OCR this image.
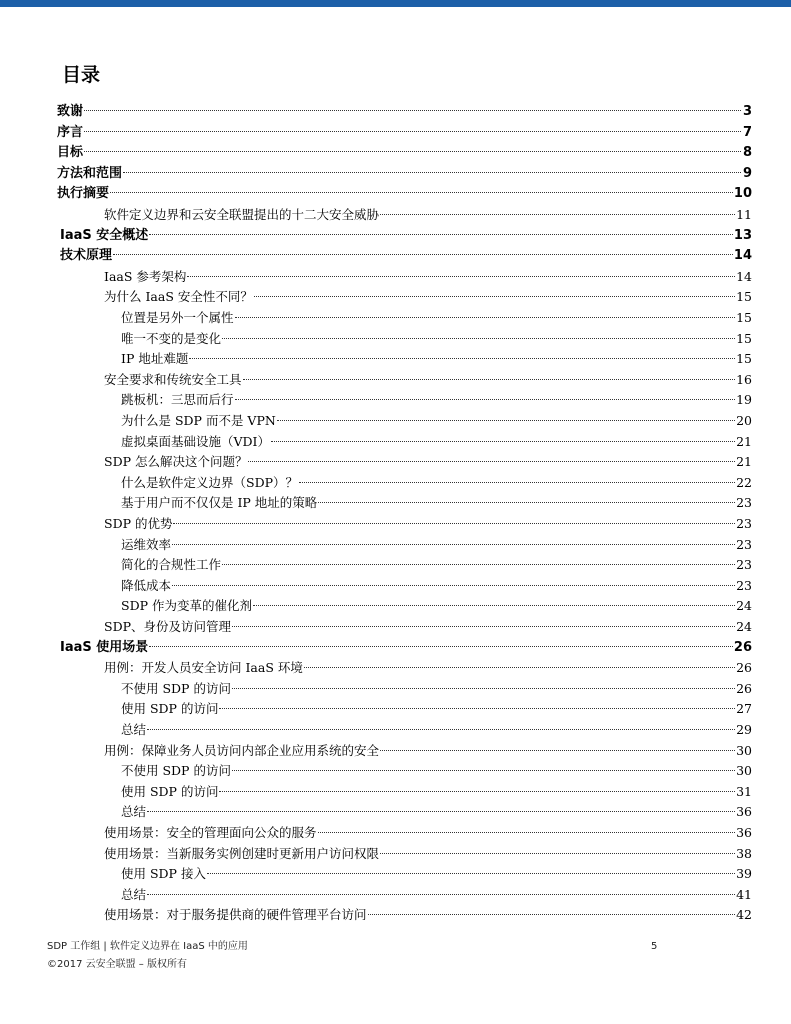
目录
致谢	3
序言	7
目标	8
方法和范围	9
执行摘要	10
软件定义边界和云安全联盟提出的十二大安全威胁	11
IaaS 安全概述	13
技术原理	14
IaaS 参考架构	14
为什么 IaaS 安全性不同？	15
位置是另外一个属性	15
唯一不变的是变化	15
IP 地址难题	15
安全要求和传统安全工具	16
跳板机：三思而后行	19
为什么是 SDP 而不是 VPN	20
虚拟桌面基础设施（VDI）	21
SDP 怎么解决这个问题？	21
什么是软件定义边界（SDP）？	22
基于用户而不仅仅是 IP 地址的策略	23
SDP 的优势	23
运维效率	23
简化的合规性工作	23
降低成本	23
SDP 作为变革的催化剂	24
SDP、身份及访问管理	24
IaaS 使用场景	26
用例：开发人员安全访问 IaaS 环境	26
不使用 SDP 的访问	26
使用 SDP 的访问	27
总结	29
用例：保障业务人员访问内部企业应用系统的安全	30
不使用 SDP 的访问	30
使用 SDP 的访问	31
总结	36
使用场景：安全的管理面向公众的服务	36
使用场景：当新服务实例创建时更新用户访问权限	38
使用 SDP 接入	39
总结	41
使用场景：对于服务提供商的硬件管理平台访问	42
SDP 工作组 | 软件定义边界在 IaaS 中的应用	5
©2017 云安全联盟 – 版权所有
